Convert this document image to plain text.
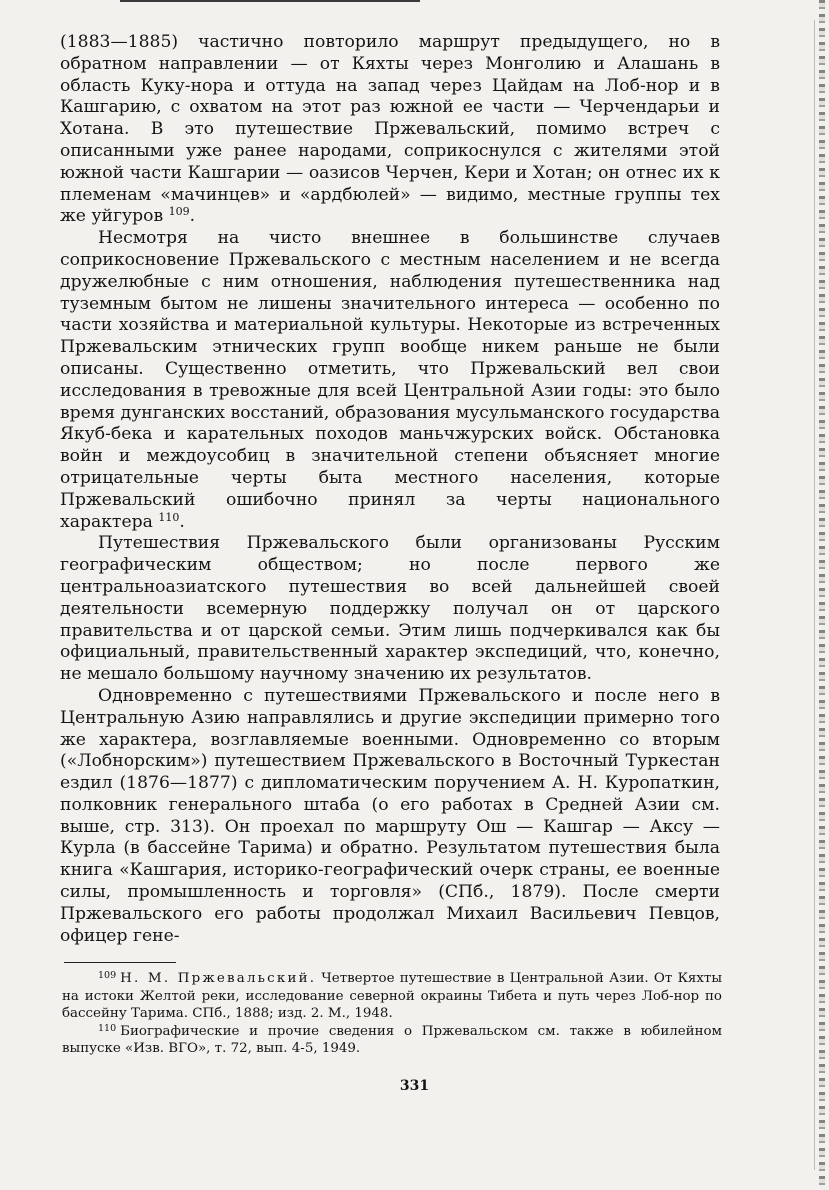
(1883—1885) частично повторило маршрут предыдущего, но в обратном направлении — от Кяхты через Монголию и Алашань в область Куку-нора и оттуда на запад через Цайдам на Лоб-нор и в Кашгарию, с охватом на этот раз южной ее части — Черчендарьи и Хотана. В это путешествие Пржевальский, помимо встреч с описанными уже ранее народами, соприкоснулся с жителями этой южной части Кашгарии — оазисов Черчен, Кери и Хотан; он отнес их к племенам «мачинцев» и «ардбюлей» — видимо, местные группы тех же уйгуров $^{109}$.

Несмотря на чисто внешнее в большинстве случаев соприкосновение Пржевальского с местным населением и не всегда дружелюбные с ним отношения, наблюдения путешественника над туземным бытом не лишены значительного интереса — особенно по части хозяйства и материальной культуры. Некоторые из встреченных Пржевальским этнических групп вообще никем раньше не были описаны. Существенно отметить, что Пржевальский вел свои исследования в тревожные для всей Центральной Азии годы: это было время дунганских восстаний, образования мусульманского государства Якуб-бека и карательных походов маньчжурских войск. Обстановка войн и междоусобиц в значительной степени объясняет многие отрицательные черты быта местного населения, которые Пржевальский ошибочно принял за черты национального характера $^{110}$.

Путешествия Пржевальского были организованы Русским географическим обществом; но после первого же центральноазиатского путешествия во всей дальнейшей своей деятельности всемерную поддержку получал он от царского правительства и от царской семьи. Этим лишь подчеркивался как бы официальный, правительственный характер экспедиций, что, конечно, не мешало большому научному значению их результатов.

Одновременно с путешествиями Пржевальского и после него в Центральную Азию направлялись и другие экспедиции примерно того же характера, возглавляемые военными. Одновременно со вторым («Лобнорским») путешествием Пржевальского в Восточный Туркестан ездил (1876—1877) с дипломатическим поручением А. Н. Куропаткин, полковник генерального штаба (о его работах в Средней Азии см. выше, стр. 313). Он проехал по маршруту Ош — Кашгар — Аксу — Курла (в бассейне Тарима) и обратно. Результатом путешествия была книга «Кашгария, историко-географический очерк страны, ее военные силы, промышленность и торговля» (СПб., 1879). После смерти Пржевальского его работы продолжал Михаил Васильевич Певцов, офицер гене-

$^{109}$ Н. М. Пржевальский. Четвертое путешествие в Центральной Азии. От Кяхты на истоки Желтой реки, исследование северной окраины Тибета и путь через Лоб-нор по бассейну Тарима. СПб., 1888; изд. 2. М., 1948.

$^{110}$ Биографические и прочие сведения о Пржевальском см. также в юбилейном выпуске «Изв. ВГО», т. 72, вып. 4-5, 1949.

331
